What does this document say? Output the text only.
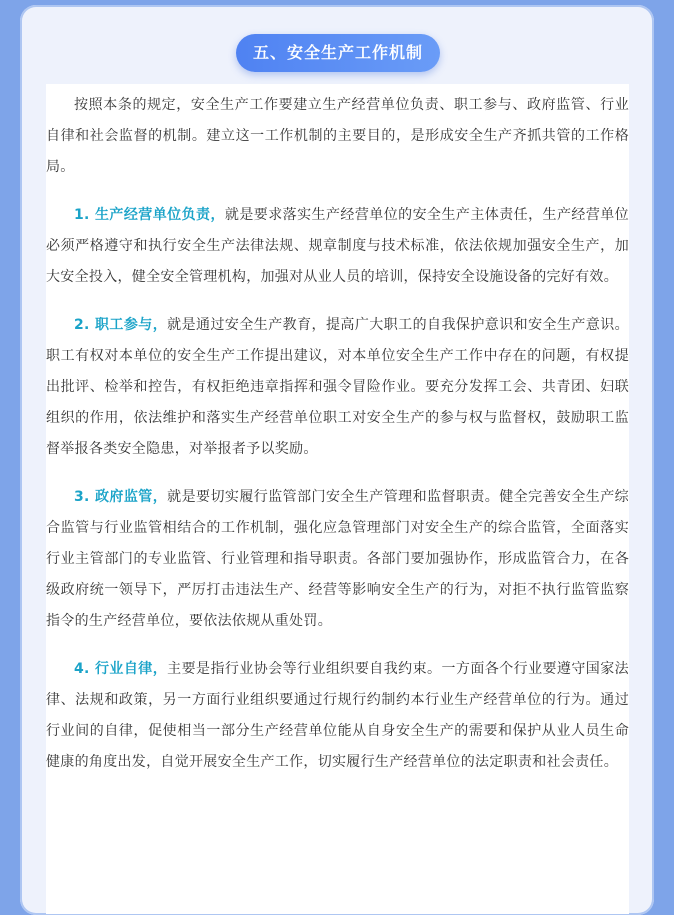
五、安全生产工作机制

按照本条的规定，安全生产工作要建立生产经营单位负责、职工参与、政府监管、行业自律和社会监督的机制。建立这一工作机制的主要目的，是形成安全生产齐抓共管的工作格局。

1. 生产经营单位负责，就是要求落实生产经营单位的安全生产主体责任，生产经营单位必须严格遵守和执行安全生产法律法规、规章制度与技术标准，依法依规加强安全生产，加大安全投入，健全安全管理机构，加强对从业人员的培训，保持安全设施设备的完好有效。

2. 职工参与，就是通过安全生产教育，提高广大职工的自我保护意识和安全生产意识。职工有权对本单位的安全生产工作提出建议，对本单位安全生产工作中存在的问题，有权提出批评、检举和控告，有权拒绝违章指挥和强令冒险作业。要充分发挥工会、共青团、妇联组织的作用，依法维护和落实生产经营单位职工对安全生产的参与权与监督权，鼓励职工监督举报各类安全隐患，对举报者予以奖励。

3. 政府监管，就是要切实履行监管部门安全生产管理和监督职责。健全完善安全生产综合监管与行业监管相结合的工作机制，强化应急管理部门对安全生产的综合监管，全面落实行业主管部门的专业监管、行业管理和指导职责。各部门要加强协作，形成监管合力，在各级政府统一领导下，严厉打击违法生产、经营等影响安全生产的行为，对拒不执行监管监察指令的生产经营单位，要依法依规从重处罚。

4. 行业自律，主要是指行业协会等行业组织要自我约束。一方面各个行业要遵守国家法律、法规和政策，另一方面行业组织要通过行规行约制约本行业生产经营单位的行为。通过行业间的自律，促使相当一部分生产经营单位能从自身安全生产的需要和保护从业人员生命健康的角度出发，自觉开展安全生产工作，切实履行生产经营单位的法定职责和社会责任。
